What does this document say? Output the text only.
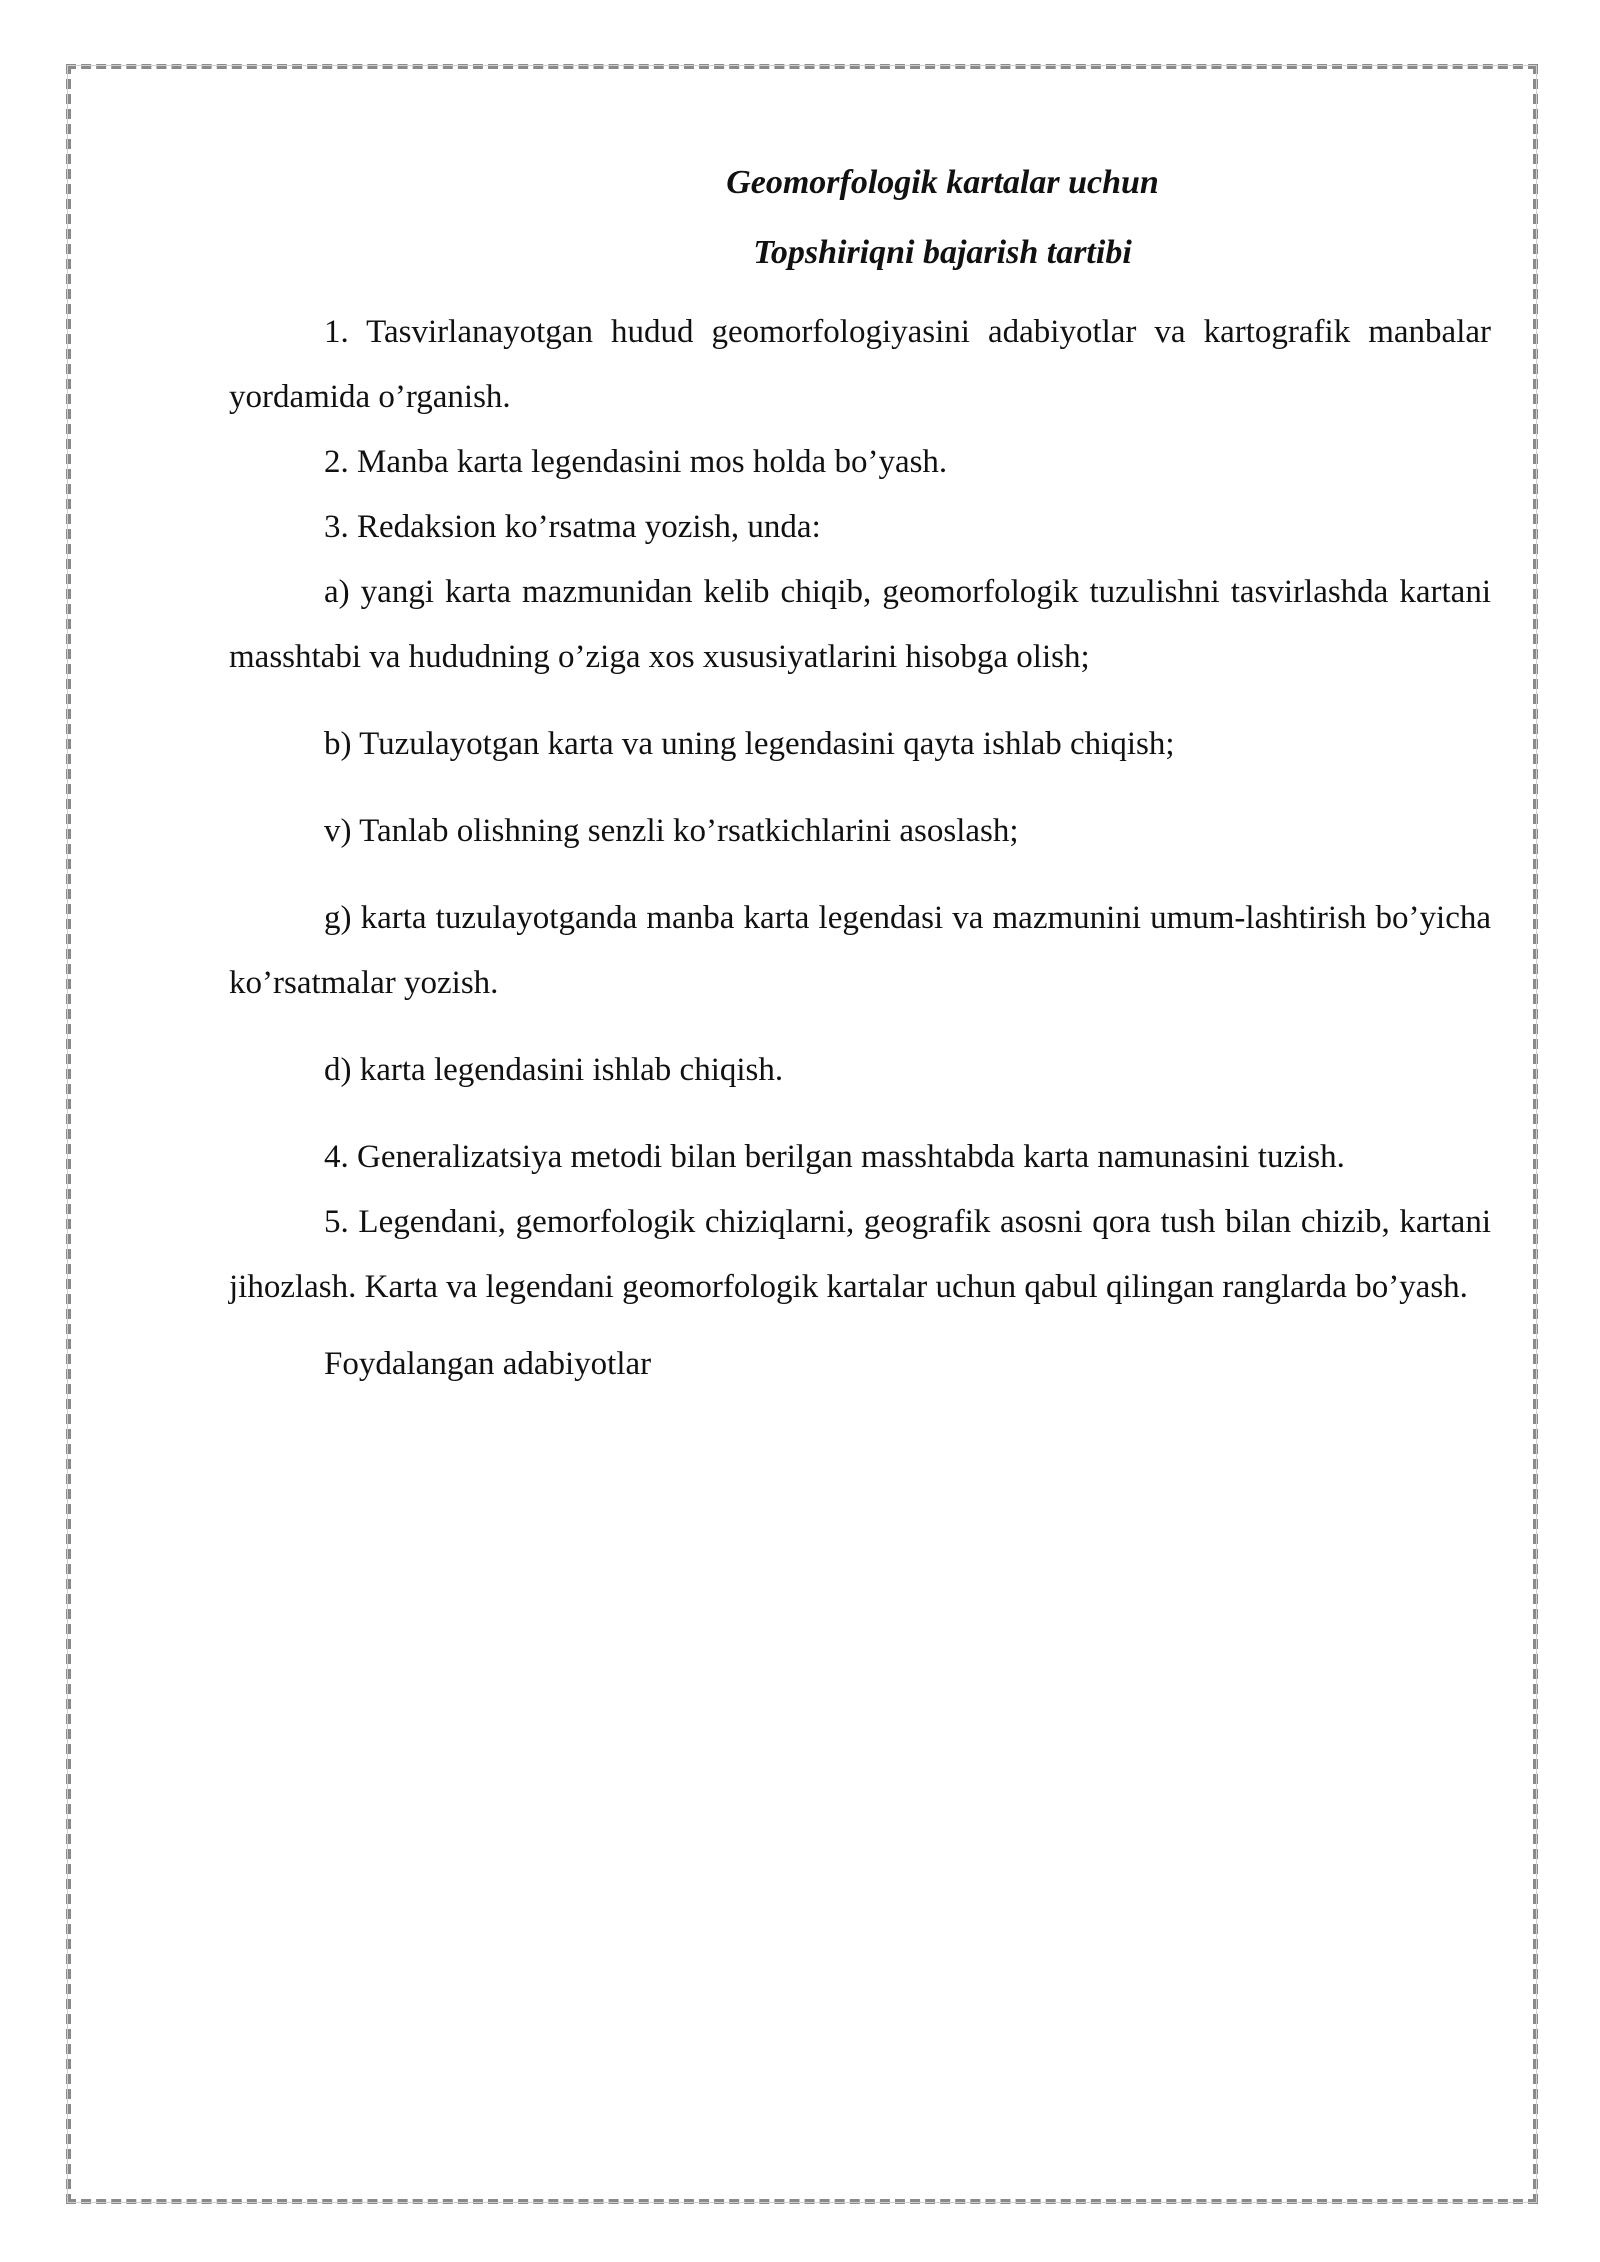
Geomorfologik kartalar uchun
Topshiriqni bajarish tartibi

1. Tasvirlanayotgan hudud geomorfologiyasini adabiyotlar va kartografik manbalar yordamida o’rganish.

2. Manba karta legendasini mos holda bo’yash.

3. Redaksion ko’rsatma yozish, unda:

a) yangi karta mazmunidan kelib chiqib, geomorfologik tuzulishni tasvirlashda kartani masshtabi va hududning o’ziga xos xususiyatlarini hisobga olish;

b) Tuzulayotgan karta va uning legendasini qayta ishlab chiqish;

v) Tanlab olishning senzli ko’rsatkichlarini asoslash;

g) karta tuzulayotganda manba karta legendasi va mazmunini umum-lashtirish bo’yicha ko’rsatmalar yozish.

d) karta legendasini ishlab chiqish.

4. Generalizatsiya metodi bilan berilgan masshtabda karta namunasini tuzish.

5. Legendani, gemorfologik chiziqlarni, geografik asosni qora tush bilan chizib, kartani jihozlash. Karta va legendani geomorfologik kartalar uchun qabul qilingan ranglarda bo’yash.

Foydalangan adabiyotlar
